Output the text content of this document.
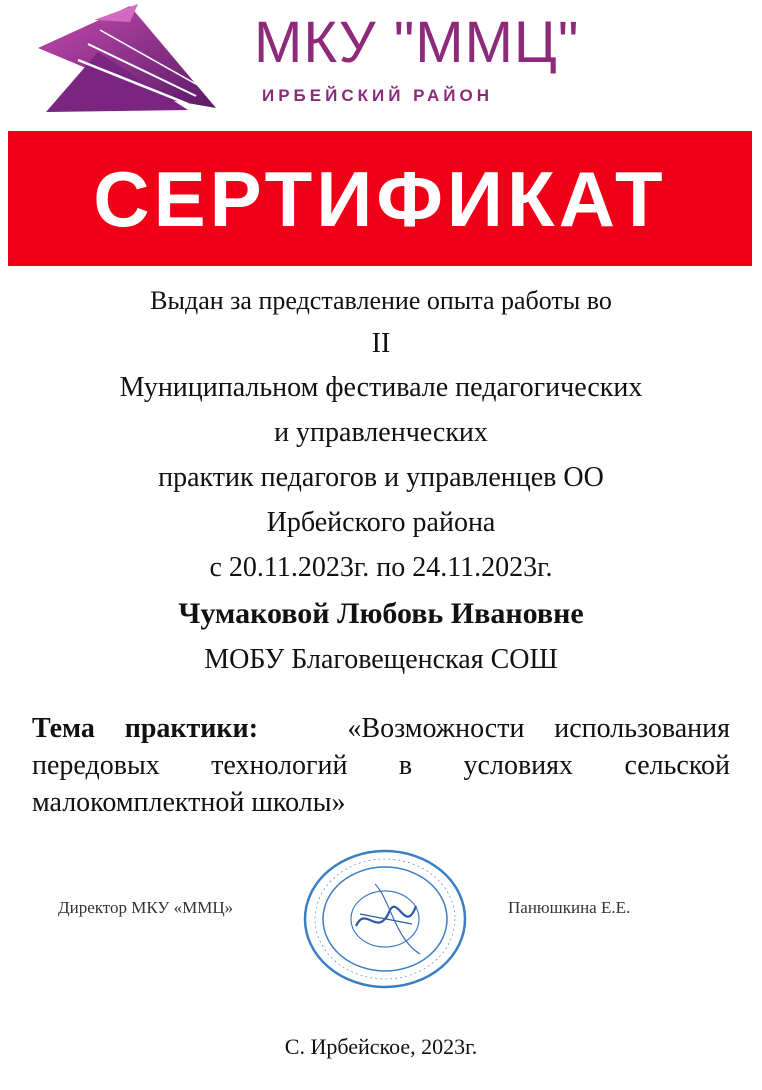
МКУ "ММЦ"
ИРБЕЙСКИЙ РАЙОН
СЕРТИФИКАТ
Выдан за представление опыта работы во
II
Муниципальном фестивале педагогических
и управленческих
практик педагогов и управленцев ОО
Ирбейского района
с 20.11.2023г. по 24.11.2023г.
Чумаковой Любовь Ивановне
МОБУ Благовещенская СОШ
Тема практики:	«Возможности использования передовых технологий в условиях сельской малокомплектной школы»
Директор МКУ «ММЦ»	Панюшкина Е.Е.
С. Ирбейское, 2023г.
